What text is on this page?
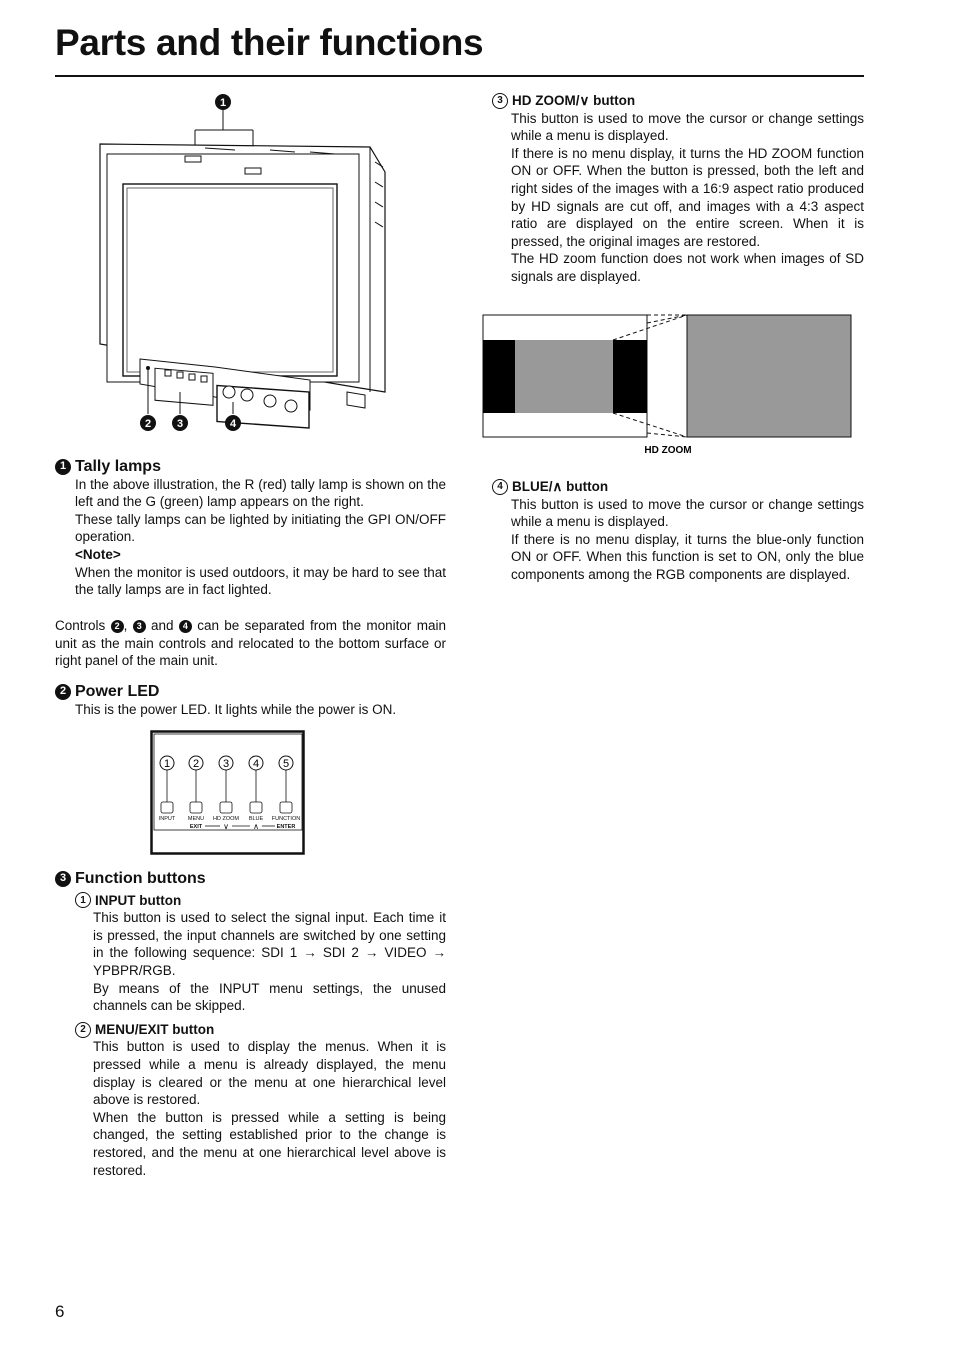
Parts and their functions
1
2 3	4
1 Tally lamps

In the above illustration, the R (red) tally lamp is shown on the left and the G (green) lamp appears on the right.

These tally lamps can be lighted by initiating the GPI ON/OFF operation.

<Note>

When the monitor is used outdoors, it may be hard to see that the tally lamps are in fact lighted.

Controls 2 , 3 and 4 can be separated from the monitor main unit as the main controls and relocated to the bottom surface or right panel of the main unit.

2 Power LED

This is the power LED. It lights while the power is ON.

1 2 3 4 5
INPUT MENU HD ZOOM BLUE FUNCTION
EXIT	∨	∧	ENTER
3 Function buttons
1 INPUT button

This button is used to select the signal input. Each time it is pressed, the input channels are switched by one setting in the following sequence: SDI 1 → SDI 2 → VIDEO → YPBPR/RGB.

By means of the INPUT menu settings, the unused channels can be skipped.

2 MENU/EXIT button

This button is used to display the menus. When it is pressed while a menu is already displayed, the menu display is cleared or the menu at one hierarchical level above is restored.

When the button is pressed while a setting is being changed, the setting established prior to the change is restored, and the menu at one hierarchical level above is restored.

3 HD ZOOM/∨ button

This button is used to move the cursor or change settings while a menu is displayed.

If there is no menu display, it turns the HD ZOOM function ON or OFF. When the button is pressed, both the left and right sides of the images with a 16:9 aspect ratio produced by HD signals are cut off, and images with a 4:3 aspect ratio are displayed on the entire screen. When it is pressed, the original images are restored.

The HD zoom function does not work when images of SD signals are displayed.

HD ZOOM
4 BLUE/∧ button

This button is used to move the cursor or change settings while a menu is displayed.

If there is no menu display, it turns the blue-only function ON or OFF. When this function is set to ON, only the blue components among the RGB components are displayed.

6
